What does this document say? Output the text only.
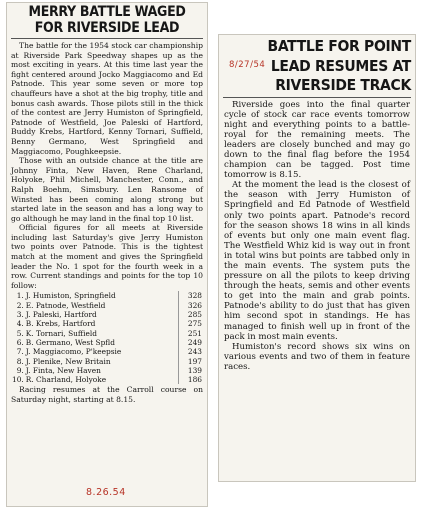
MERRY BATTLE WAGED
FOR RIVERSIDE LEAD

The battle for the 1954 stock car championship at Riverside Park Speedway shapes up as the most exciting in years. At this time last year the fight centered around Jocko Maggiacomo and Ed Patnode. This year some seven or more top chauffeurs have a shot at the big trophy, title and bonus cash awards. Those pilots still in the thick of the contest are Jerry Humiston of Springfield, Patnode of Westfield, Joe Paleski of Hartford, Buddy Krebs, Hartford, Kenny Tornari, Suffield, Benny Germano, West Springfield and Maggiacomo, Poughkeepsie.

Those with an outside chance at the title are Johnny Finta, New Haven, Rene Charland, Holyoke, Phil Michell, Manchester, Conn., and Ralph Boehm, Simsbury. Len Ransome of Winsted has been coming along strong but started late in the season and has a long way to go although he may land in the final top 10 list.

Official figures for all meets at Riverside including last Saturday's give Jerry Humiston two points over Patnode. This is the tightest match at the moment and gives the Springfield leader the No. 1 spot for the fourth week in a row. Current standings and points for the top 10 follow:

1.	J. Humiston, Springfield	328
2.	E. Patnode, Westfield	326
3.	J. Paleski, Hartford	285
4.	B. Krebs, Hartford	275
5.	K. Tornari, Suffield	251
6.	B. Germano, West Spfld	249
7.	J. Maggiacomo, P'keepsie	243
8.	J. Plenike, New Britain	197
9.	J. Finta, New Haven	139
10.	R. Charland, Holyoke	186

Racing resumes at the Carroll course on Saturday night, starting at 8.15.

8.26.54
BATTLE FOR POINT
LEAD RESUMES AT
RIVERSIDE TRACK

Riverside goes into the final quarter cycle of stock car race events tomorrow night and everything points to a battle-royal for the remaining meets. The leaders are closely bunched and may go down to the final flag before the 1954 champion can be tagged. Post time tomorrow is 8.15.

At the moment the lead is the closest of the season with Jerry Humiston of Springfield and Ed Patnode of Westfield only two points apart. Patnode's record for the season shows 18 wins in all kinds of events but only one main event flag. The Westfield Whiz kid is way out in front in total wins but points are tabbed only in the main events. The system puts the pressure on all the pilots to keep driving through the heats, semis and other events to get into the main and grab points. Patnode's ability to do just that has given him second spot in standings. He has managed to finish well up in front of the pack in most main events.

Humiston's record shows six wins on various events and two of them in feature races.

8/27/54
